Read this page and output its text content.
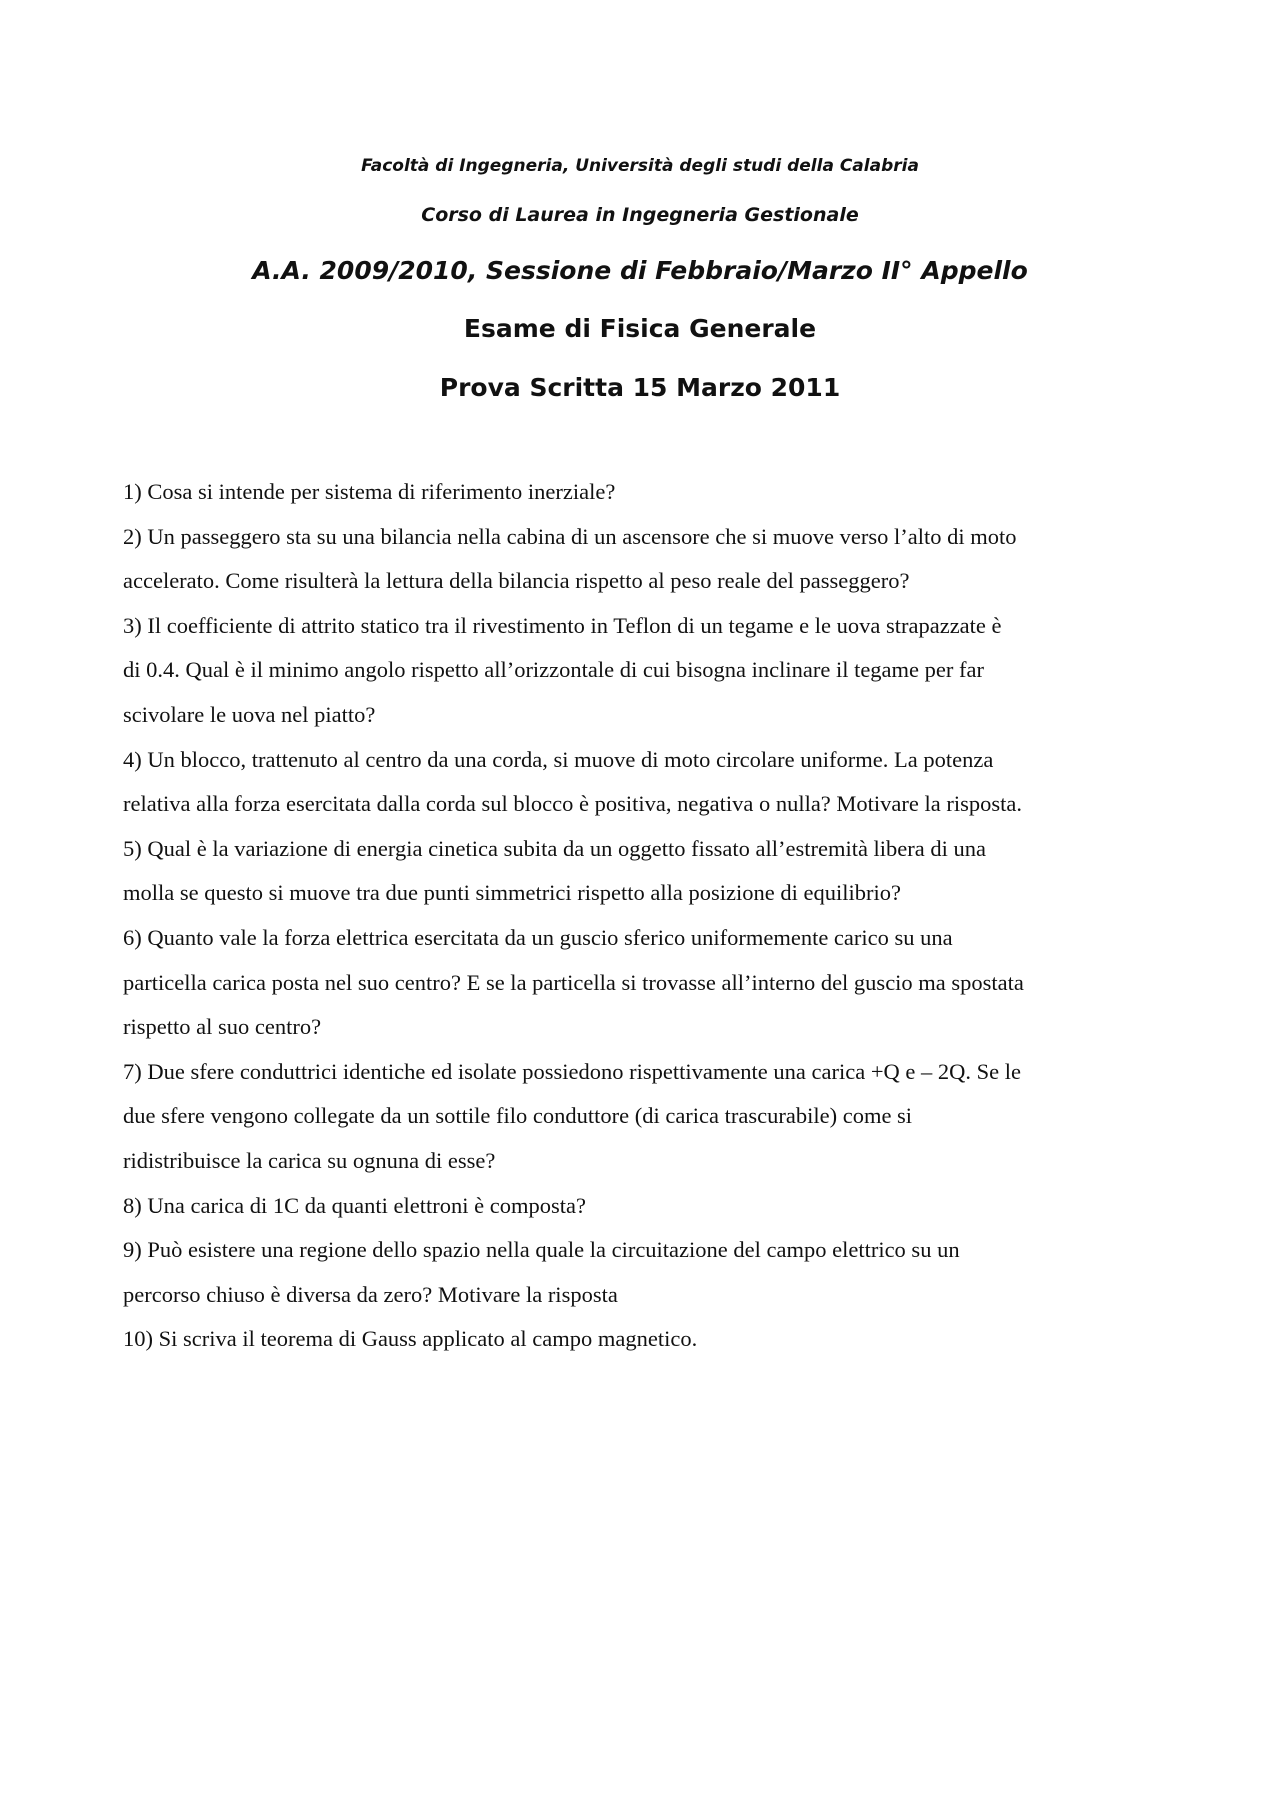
Facoltà di Ingegneria, Università degli studi della Calabria
Corso di Laurea in Ingegneria Gestionale
A.A. 2009/2010, Sessione di Febbraio/Marzo II° Appello
Esame di Fisica Generale
Prova Scritta 15 Marzo 2011
1) Cosa si intende per sistema di riferimento inerziale?
2) Un passeggero sta su una bilancia nella cabina di un ascensore che si muove verso l’alto di moto
accelerato. Come risulterà la lettura della bilancia rispetto al peso reale del passeggero?
3) Il coefficiente di attrito statico tra il rivestimento in Teflon di un tegame e le uova strapazzate è
di 0.4. Qual è il minimo angolo rispetto all’orizzontale di cui bisogna inclinare il tegame per far
scivolare le uova nel piatto?
4) Un blocco, trattenuto al centro da una corda, si muove di moto circolare uniforme. La potenza
relativa alla forza esercitata dalla corda sul blocco è positiva, negativa o nulla? Motivare la risposta.
5) Qual è la variazione di energia cinetica subita da un oggetto fissato all’estremità libera di una
molla se questo si muove tra due punti simmetrici rispetto alla posizione di equilibrio?
6) Quanto vale la forza elettrica esercitata da un guscio sferico uniformemente carico su una
particella carica posta nel suo centro? E se la particella si trovasse all’interno del guscio ma spostata
rispetto al suo centro?
7) Due sfere conduttrici identiche ed isolate possiedono rispettivamente una carica +Q e – 2Q. Se le
due sfere vengono collegate da un sottile filo conduttore (di carica trascurabile) come si
ridistribuisce la carica su ognuna di esse?
8) Una carica di 1C da quanti elettroni è composta?
9) Può esistere una regione dello spazio nella quale la circuitazione del campo elettrico su un
percorso chiuso è diversa da zero? Motivare la risposta
10) Si scriva il teorema di Gauss applicato al campo magnetico.
